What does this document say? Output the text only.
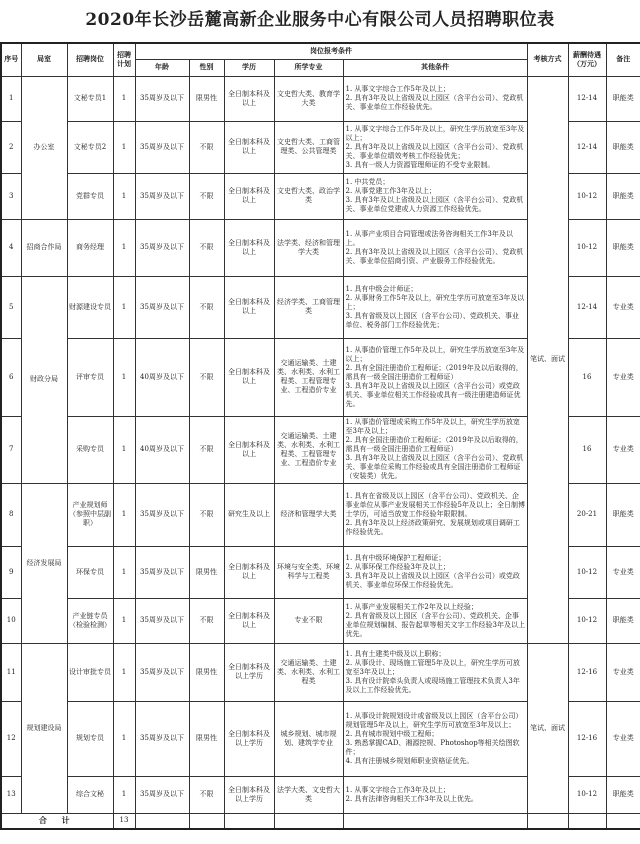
2020年长沙岳麓高新企业服务中心有限公司人员招聘职位表
序号	局室	招聘岗位	招聘计划	岗位报考条件					考核方式	薪酬待遇（万元）	备注
				年龄	性别	学历	所学专业	其他条件			
1	办公室	文秘专员1	1	35周岁及以下	限男性	全日制本科及以上	文史哲大类、教育学大类	1. 从事文字综合工作5年及以上；
2. 具有3年及以上省级及以上园区（含平台公司）、党政机关、事业单位工作经验优先。	笔试、面试	12-14	职能类
2		文秘专员2	1	35周岁及以下	不限	全日制本科及以上	文史哲大类、工商管理类、公共管理类	1. 从事文字综合工作5年及以上，研究生学历放宽至3年及以上；
2. 具有3年及以上省级及以上园区（含平台公司）、党政机关、事业单位绩效考核工作经验优先；
3. 具有一级人力资源管理师证的不受专业限制。		12-14	职能类
3		党群专员	1	35周岁及以下	不限	全日制本科及以上	文史哲大类、政治学类	1. 中共党员；
2. 从事党建工作3年及以上；
3. 具有3年及以上省级及以上园区（含平台公司）、党政机关、事业单位党建或人力资源工作经验优先。		10-12	职能类
4	招商合作局	商务经理	1	35周岁及以下	不限	全日制本科及以上	法学类、经济和管理学大类	1. 从事产业项目合同管理或法务咨询相关工作3年及以上。
2. 具有3年及以上省级及以上园区（含平台公司）、党政机关、事业单位招商引资、产业服务工作经验优先。		10-12	职能类
5	财政分局	财源建设专员	1	35周岁及以下	不限	全日制本科及以上	经济学类、工商管理类	1. 具有中级会计师证；
2. 从事财务工作5年及以上，研究生学历可放宽至3年及以上；
3. 具有省级及以上园区（含平台公司）、党政机关、事业单位、税务部门工作经验优先；		12-14	专业类
6		评审专员	1	40周岁及以下	不限	全日制本科及以上	交通运输类、土建类、水利类、水利工程类、工程管理专业、工程造价专业	1. 从事造价管理工作5年及以上，研究生学历放宽至3年及以上；
2. 具有全国注册造价工程师证；（2019年及以后取得的，需具有一级全国注册造价工程师证）
3. 具有3年及以上省级及以上园区（含平台公司）或党政机关、事业单位相关工作经验或具有一级注册建造师证优先。		16	专业类
7		采购专员	1	40周岁及以下	不限	全日制本科及以上	交通运输类、土建类、水利类、水利工程类、工程管理专业、工程造价专业	1. 从事造价管理或采购工作5年及以上，研究生学历放宽至3年及以上；
2. 具有全国注册造价工程师证；（2019年及以后取得的，需具有一级全国注册造价工程师证）
3. 具有3年及以上省级及以上园区（含平台公司）、党政机关、事业单位采购工作经验或具有全国注册造价工程师证（安装类）优先。		16	专业类
8	经济发展局	产业规划师（参照中层副职）	1	35周岁及以下	不限	研究生及以上	经济和管理学大类	1. 具有在省级及以上园区（含平台公司）、党政机关、企事业单位从事产业发展相关工作经验5年及以上；全日制博士学历，可适当放宽工作经验年限限制。
2. 具有3年及以上经济政策研究、发展规划或项目调研工作经验优先。		20-21	职能类
9		环保专员	1	35周岁及以下	限男性	全日制本科及以上	环境与安全类、环境科学与工程类	1. 具有中级环境保护工程师证；
2. 从事环保工作经验3年及以上；
3. 具有3年及以上省级及以上园区（含平台公司）或党政机关、事业单位环保工作经验优先。		10-12	专业类
10		产业链专员（检验检测）	1	35周岁及以下	不限	全日制本科及以上	专业不限	1. 从事产业发展相关工作2年及以上经验；
2. 具有省级及以上园区（含平台公司）、党政机关、企事业单位规划编制、报告起草等相关文字工作经验3年及以上优先。		10-12	职能类
11	规划建设局	设计审批专员	1	35周岁及以下	限男性	全日制本科及以上学历	交通运输类、土建类、水利类、水利工程类	1. 具有土建类中级及以上职称；
2. 从事设计、现场施工管理5年及以上，研究生学历可放宽至3年及以上；
3. 具有设计院牵头负责人或现场施工管理技术负责人3年及以上工作经验优先。	笔试、面试	12-16	专业类
12		规划专员	1	35周岁及以下	限男性	全日制本科及以上学历	城乡规划、城市规划、建筑学专业	1. 从事设计院规划设计或省级及以上园区（含平台公司）规划管理5年及以上，研究生学历可放宽至3年及以上；
2. 具有城市规划中级工程师；
3. 熟悉掌握CAD、湘源控规、Photoshop等相关绘图软件；
4. 具有注册城乡规划师职业资格证优先。		12-16	专业类
13		综合文秘	1	35周岁及以下	不限	全日制本科及以上学历	法学大类、文史哲大类	1. 从事文字综合工作3年及以上；
2. 具有法律咨询相关工作3年及以上优先。		10-12	职能类
合 计			13								
